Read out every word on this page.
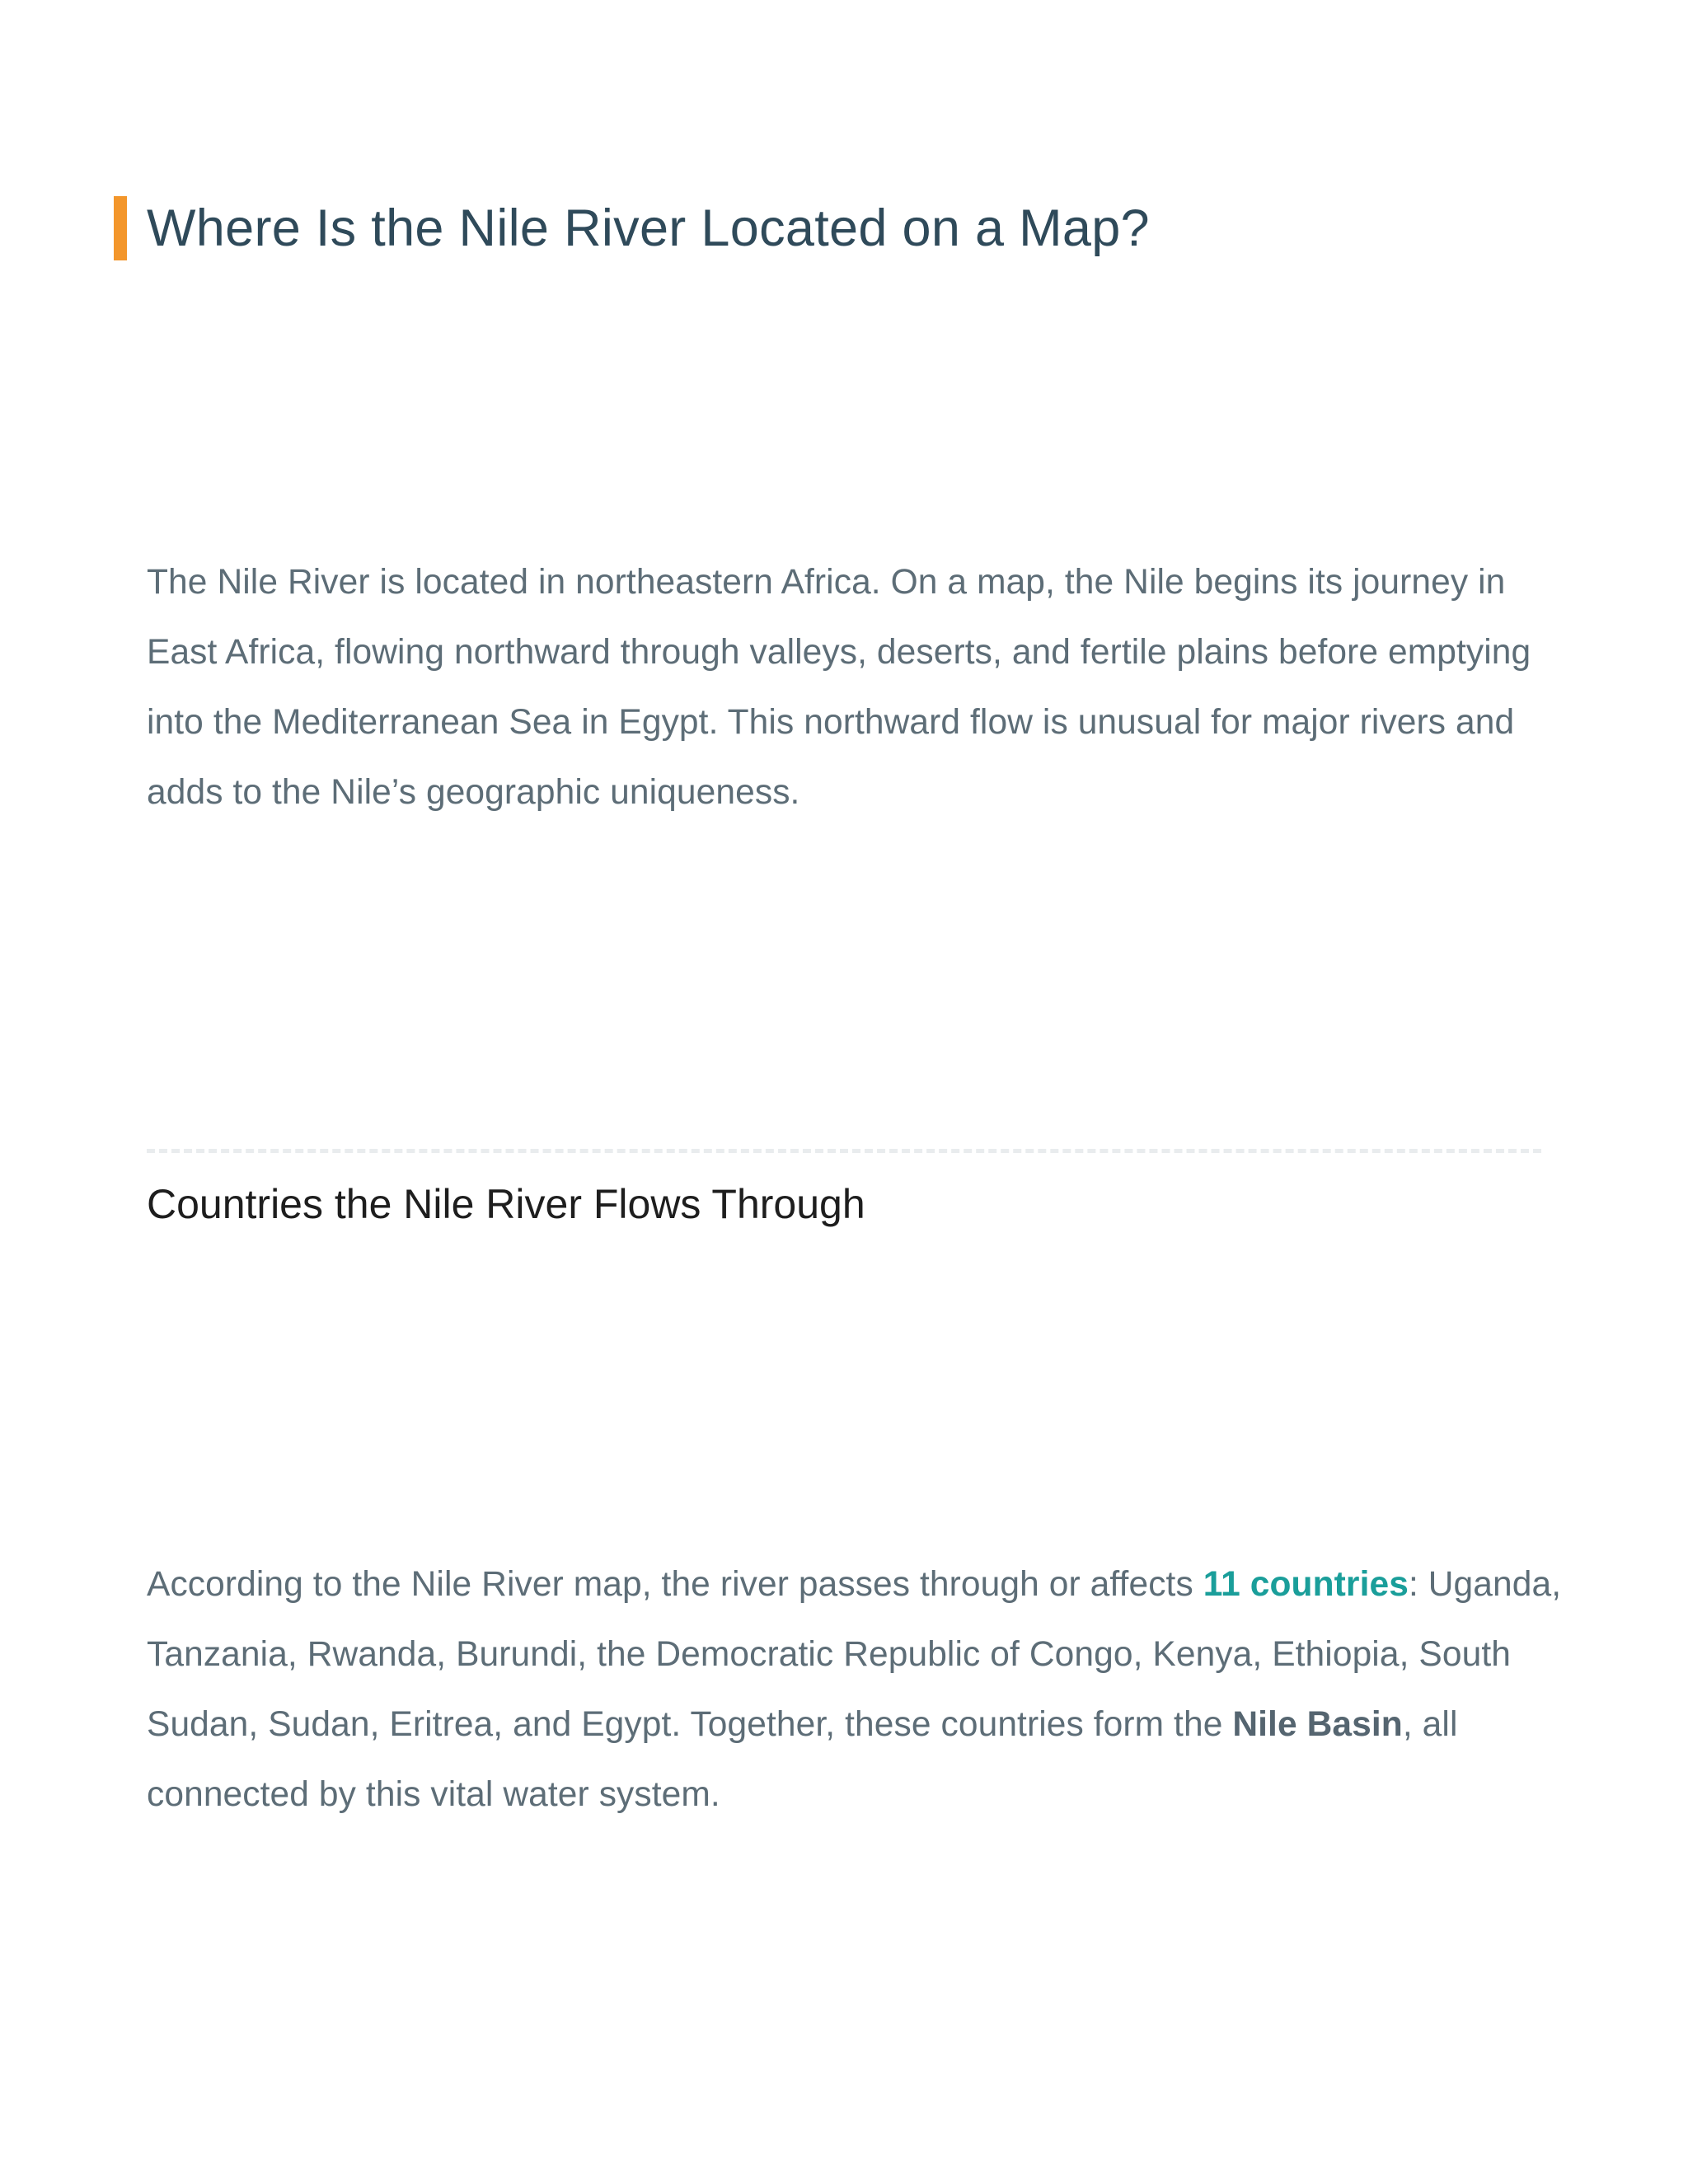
Where Is the Nile River Located on a Map?

The Nile River is located in northeastern Africa. On a map, the Nile begins its journey in East Africa, flowing northward through valleys, deserts, and fertile plains before emptying into the Mediterranean Sea in Egypt. This northward flow is unusual for major rivers and adds to the Nile’s geographic uniqueness.

Countries the Nile River Flows Through

According to the Nile River map, the river passes through or affects 11 countries: Uganda, Tanzania, Rwanda, Burundi, the Democratic Republic of Congo, Kenya, Ethiopia, South Sudan, Sudan, Eritrea, and Egypt. Together, these countries form the Nile Basin, all connected by this vital water system.
